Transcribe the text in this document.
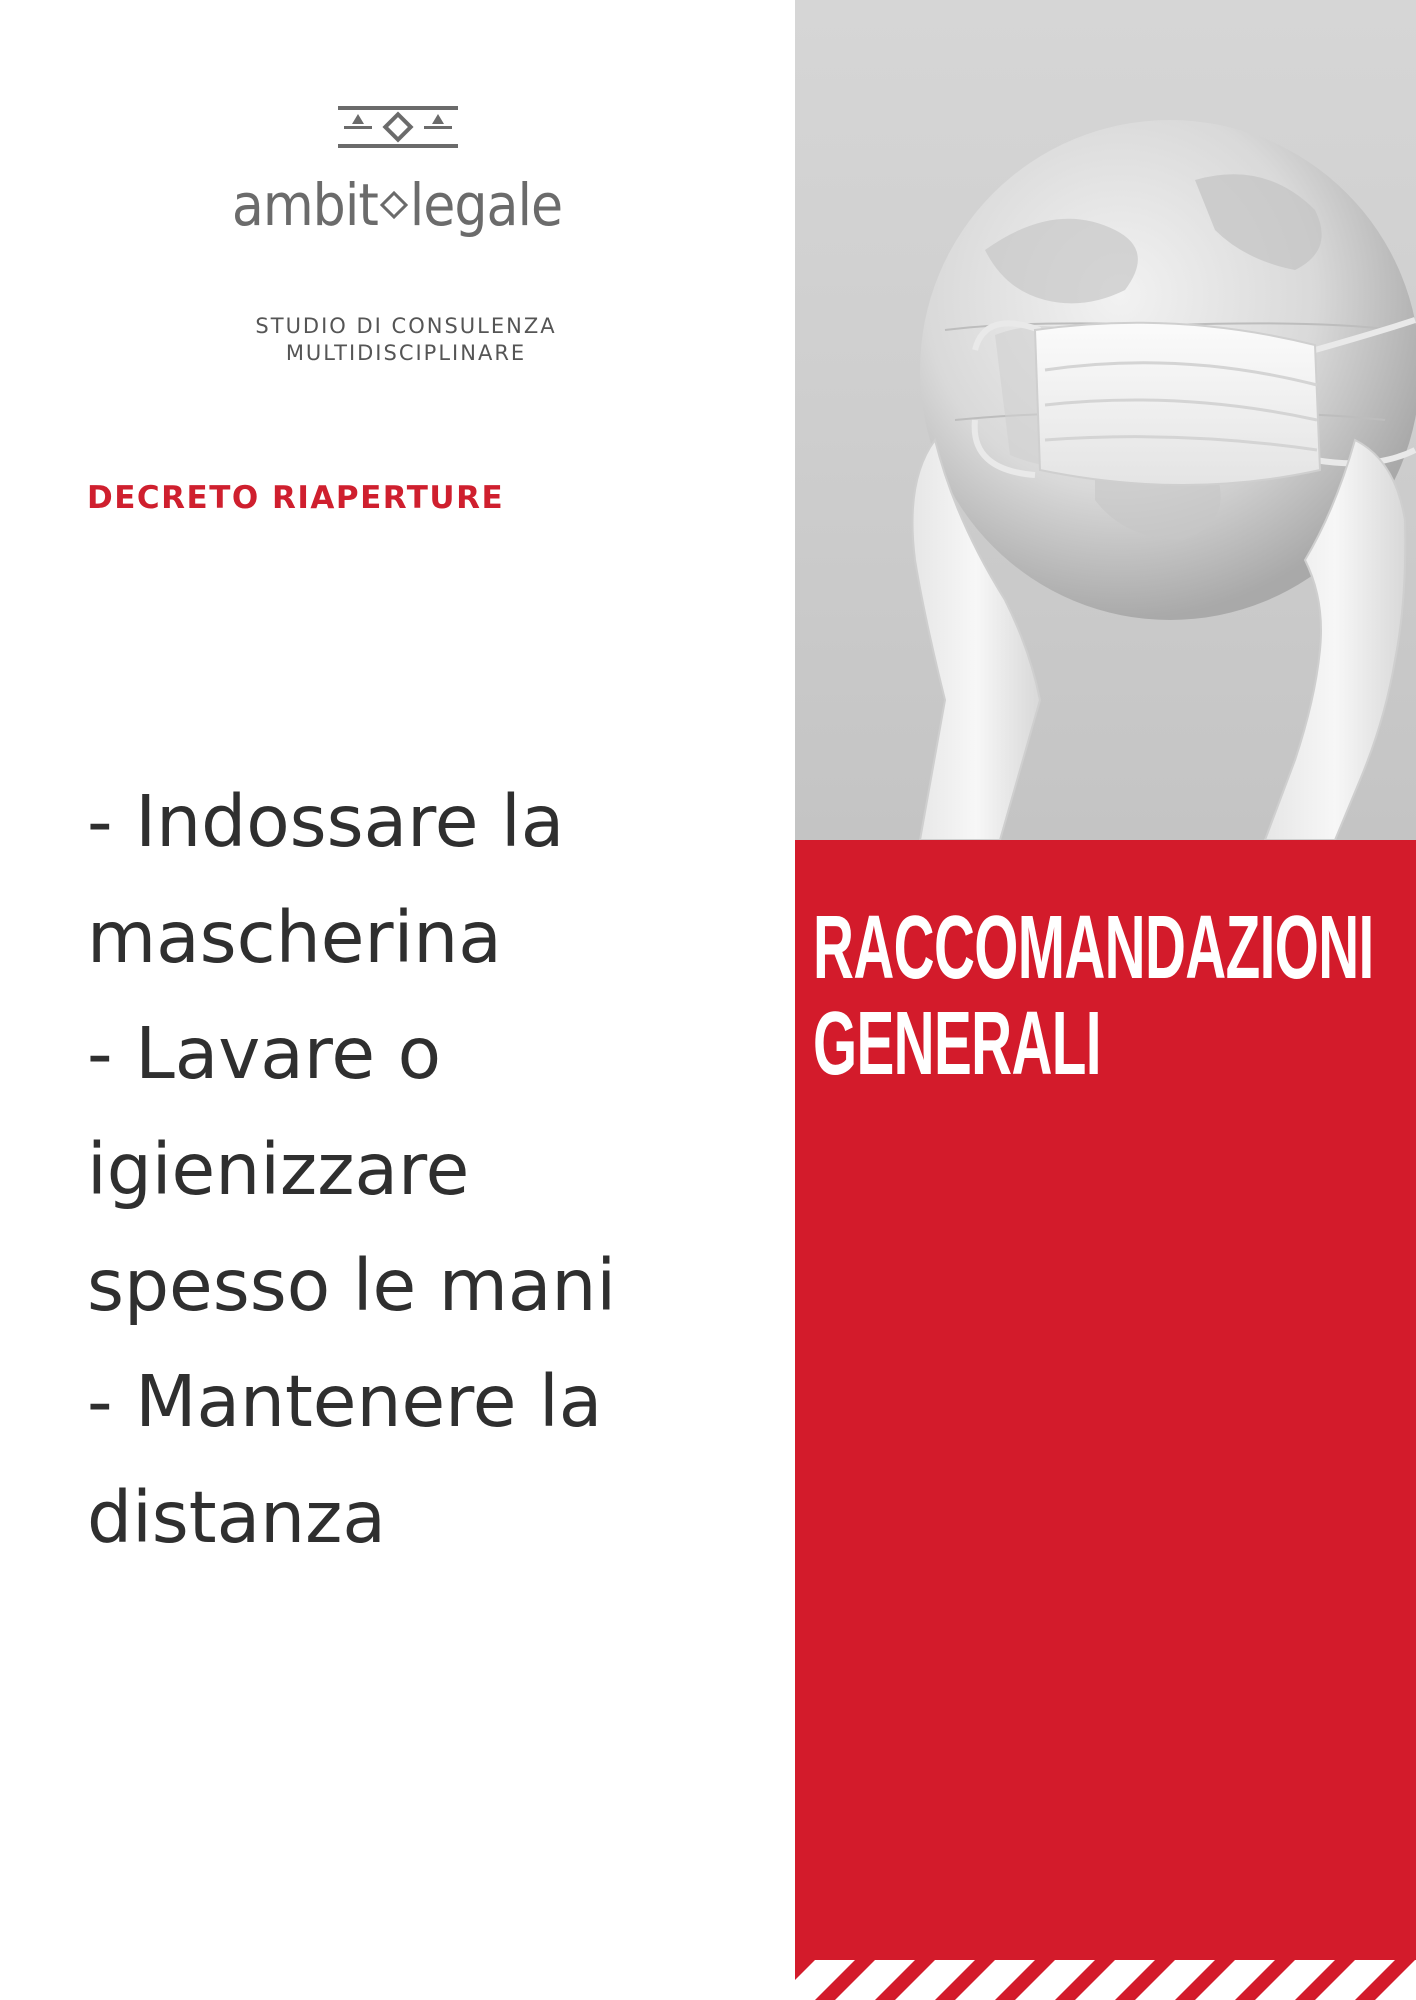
ambit legale
STUDIO DI CONSULENZA
MULTIDISCIPLINARE
DECRETO RIAPERTURE
- Indossare la
mascherina
- Lavare o
igienizzare
spesso le mani
- Mantenere la
distanza
RACCOMANDAZIONI
GENERALI
